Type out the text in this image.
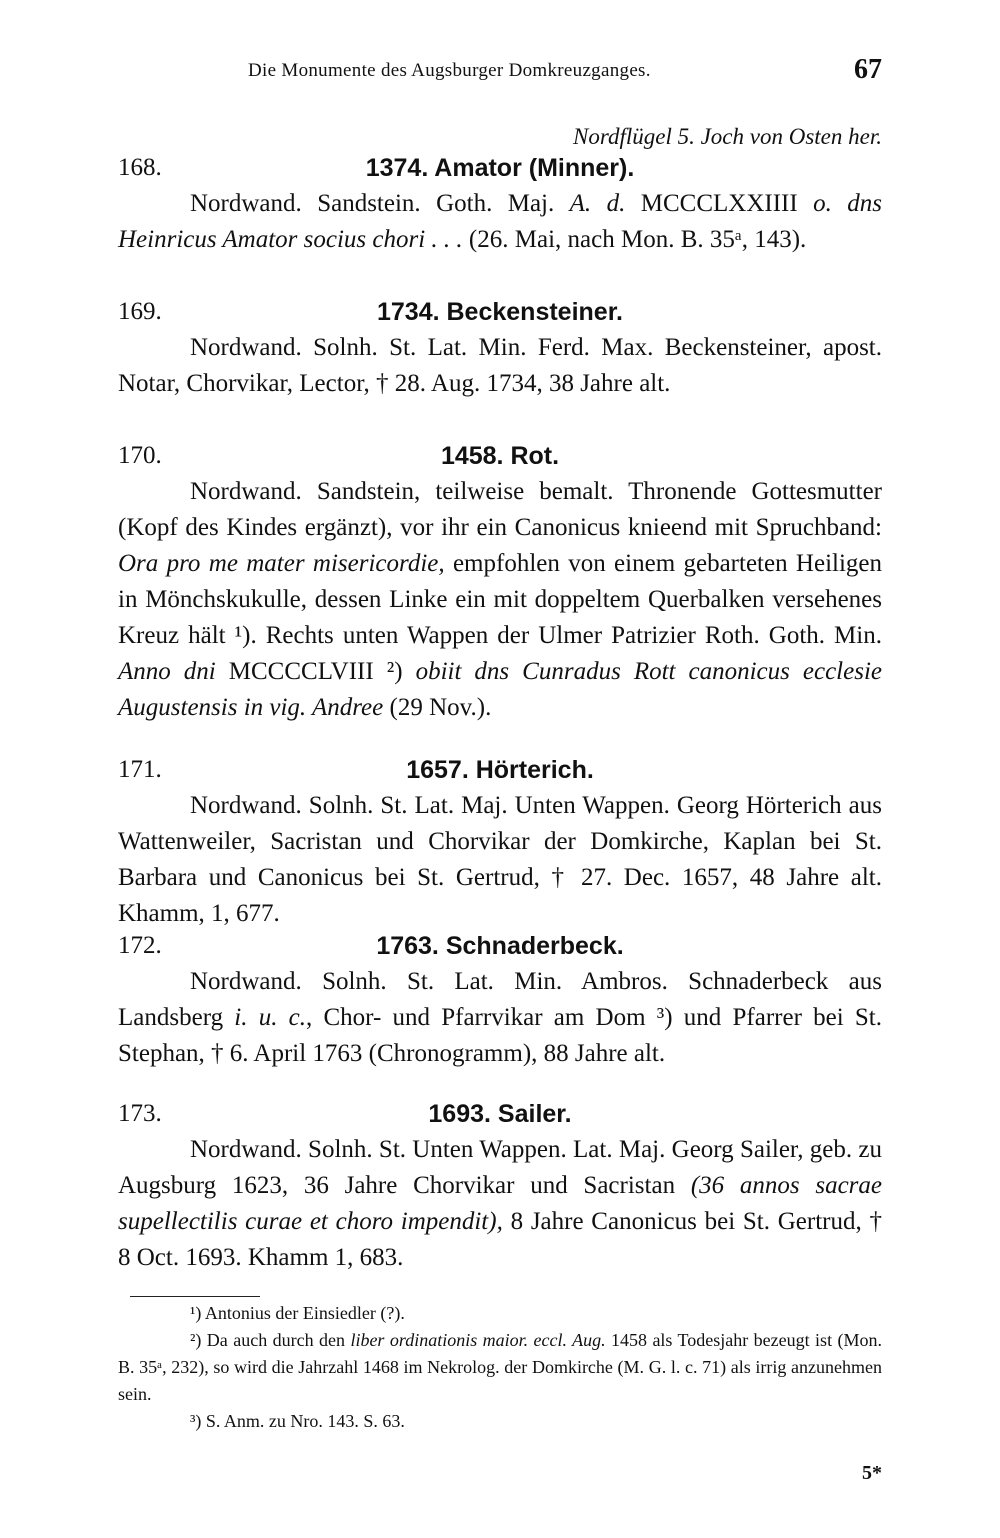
Die Monumente des Augsburger Domkreuzganges.	67
Nordflügel 5. Joch von Osten her.
168.	1374. Amator (Minner).

Nordwand. Sandstein. Goth. Maj. A. d. MCCCLXXIIII o. dns Heinricus Amator socius chori . . . (26. Mai, nach Mon. B. 35ᵃ, 143).

169.	1734. Beckensteiner.

Nordwand. Solnh. St. Lat. Min. Ferd. Max. Beckensteiner, apost. Notar, Chorvikar, Lector, † 28. Aug. 1734, 38 Jahre alt.

170.	1458. Rot.

Nordwand. Sandstein, teilweise bemalt. Thronende Gottesmutter (Kopf des Kindes ergänzt), vor ihr ein Canonicus knieend mit Spruchband: Ora pro me mater misericordie, empfohlen von einem gebarteten Heiligen in Mönchskukulle, dessen Linke ein mit doppeltem Querbalken versehenes Kreuz hält ¹). Rechts unten Wappen der Ulmer Patrizier Roth. Goth. Min. Anno dni MCCCCLVIII ²) obiit dns Cunradus Rott canonicus ecclesie Augustensis in vig. Andree (29 Nov.).

171.	1657. Hörterich.

Nordwand. Solnh. St. Lat. Maj. Unten Wappen. Georg Hörterich aus Wattenweiler, Sacristan und Chorvikar der Domkirche, Kaplan bei St. Barbara und Canonicus bei St. Gertrud, † 27. Dec. 1657, 48 Jahre alt. Khamm, 1, 677.

172.	1763. Schnaderbeck.

Nordwand. Solnh. St. Lat. Min. Ambros. Schnaderbeck aus Landsberg i. u. c., Chor- und Pfarrvikar am Dom ³) und Pfarrer bei St. Stephan, † 6. April 1763 (Chronogramm), 88 Jahre alt.

173.	1693. Sailer.

Nordwand. Solnh. St. Unten Wappen. Lat. Maj. Georg Sailer, geb. zu Augsburg 1623, 36 Jahre Chorvikar und Sacristan (36 annos sacrae supellectilis curae et choro impendit), 8 Jahre Canonicus bei St. Gertrud, † 8 Oct. 1693. Khamm 1, 683.

¹) Antonius der Einsiedler (?).

²) Da auch durch den liber ordinationis maior. eccl. Aug. 1458 als Todesjahr bezeugt ist (Mon. B. 35ᵃ, 232), so wird die Jahrzahl 1468 im Nekrolog. der Domkirche (M. G. l. c. 71) als irrig anzunehmen sein.

³) S. Anm. zu Nro. 143. S. 63.

5*
